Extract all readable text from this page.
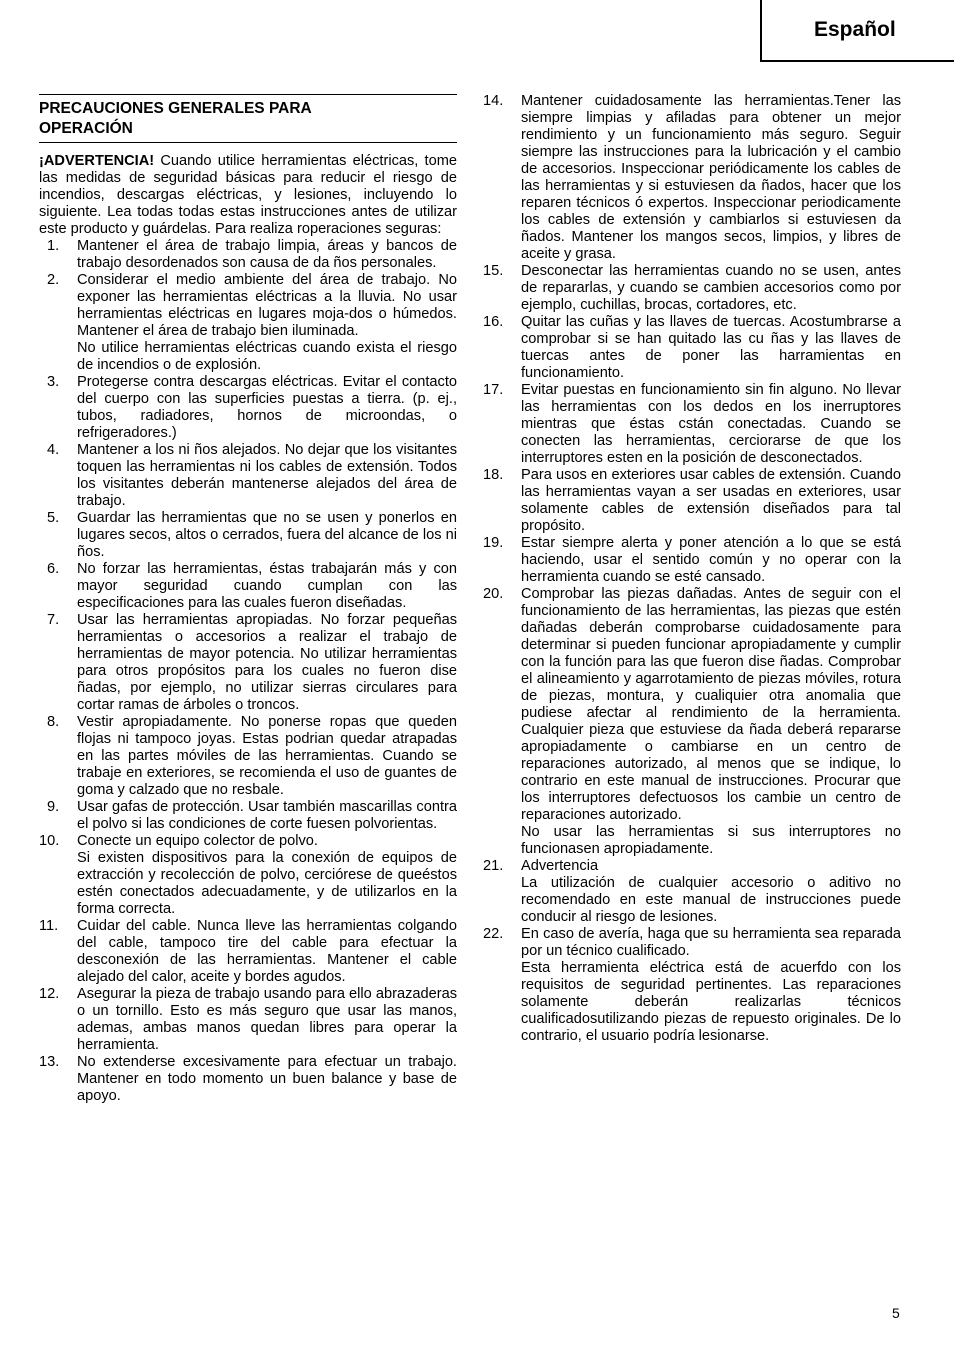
Español
PRECAUCIONES GENERALES PARA
OPERACIÓN

¡ADVERTENCIA! Cuando utilice herramientas eléctricas, tome las medidas de seguridad básicas para reducir el riesgo de incendios, descargas eléctricas, y lesiones, incluyendo lo siguiente. Lea todas todas estas instrucciones antes de utilizar este producto y guárdelas. Para realiza roperaciones seguras:

1.	Mantener el área de trabajo limpia, áreas y bancos de trabajo desordenados son causa de da ños personales.
2.	Considerar el medio ambiente del área de trabajo. No exponer las herramientas eléctricas a la lluvia. No usar herramientas eléctricas en lugares moja-dos o húmedos. Mantener el área de trabajo bien iluminada.
No utilice herramientas eléctricas cuando exista el riesgo de incendios o de explosión.
3.	Protegerse contra descargas eléctricas. Evitar el contacto del cuerpo con las superficies puestas a tierra. (p. ej., tubos, radiadores, hornos de microondas, o refrigeradores.)
4.	Mantener a los ni ños alejados. No dejar que los visitantes toquen las herramientas ni los cables de extensión. Todos los visitantes deberán mantenerse alejados del área de trabajo.
5.	Guardar las herramientas que no se usen y ponerlos en lugares secos, altos o cerrados, fuera del alcance de los ni ños.
6.	No forzar las herramientas, éstas trabajarán más y con mayor seguridad cuando cumplan con las especificaciones para las cuales fueron diseñadas.
7.	Usar las herramientas apropiadas. No forzar pequeñas herramientas o accesorios a realizar el trabajo de herramientas de mayor potencia. No utilizar herramientas para otros propósitos para los cuales no fueron dise ñadas, por ejemplo, no utilizar sierras circulares para cortar ramas de árboles o troncos.
8.	Vestir apropiadamente. No ponerse ropas que queden flojas ni tampoco joyas. Estas podrian quedar atrapadas en las partes móviles de las herramientas. Cuando se trabaje en exteriores, se recomienda el uso de guantes de goma y calzado que no resbale.
9.	Usar gafas de protección. Usar también mascarillas contra el polvo si las condiciones de corte fuesen polvorientas.
10. Conecte un equipo colector de polvo.
Si existen dispositivos para la conexión de equipos de extracción y recolección de polvo, cerciórese de queéstos estén conectados adecuadamente, y de utilizarlos en la forma correcta.
11. Cuidar del cable. Nunca lleve las herramientas colgando del cable, tampoco tire del cable para efectuar la desconexión de las herramientas. Mantener el cable alejado del calor, aceite y bordes agudos.
12. Asegurar la pieza de trabajo usando para ello abrazaderas o un tornillo. Esto es más seguro que usar las manos, ademas, ambas manos quedan libres para operar la herramienta.
13. No extenderse excesivamente para efectuar un trabajo. Mantener en todo momento un buen balance y base de apoyo.
14.	Mantener cuidadosamente las herramientas.Tener las siempre limpias y afiladas para obtener un mejor rendimiento y un funcionamiento más seguro. Seguir siempre las instrucciones para la lubricación y el cambio de accesorios. Inspeccionar periódicamente los cables de las herramientas y si estuviesen da ñados, hacer que los reparen técnicos ó expertos. Inspeccionar periodicamente los cables de extensión y cambiarlos si estuviesen da ñados. Mantener los mangos secos, limpios, y libres de aceite y grasa.
15.	Desconectar las herramientas cuando no se usen, antes de repararlas, y cuando se cambien accesorios como por ejemplo, cuchillas, brocas, cortadores, etc.
16.	Quitar las cuñas y las llaves de tuercas. Acostumbrarse a comprobar si se han quitado las cu ñas y las llaves de tuercas antes de poner las harramientas en funcionamiento.
17.	Evitar puestas en funcionamiento sin fin alguno. No llevar las herramientas con los dedos en los inerruptores mientras que éstas cstán conectadas. Cuando se conecten las herramientas, cerciorarse de que los interruptores esten en la posición de desconectados.
18.	Para usos en exteriores usar cables de extensión. Cuando las herramientas vayan a ser usadas en exteriores, usar solamente cables de extensión diseñados para tal propósito.
19.	Estar siempre alerta y poner atención a lo que se está haciendo, usar el sentido común y no operar con la herramienta cuando se esté cansado.
20.	Comprobar las piezas dañadas. Antes de seguir con el funcionamiento de las herramientas, las piezas que estén dañadas deberán comprobarse cuidadosamente para determinar si pueden funcionar apropiadamente y cumplir con la función para las que fueron dise ñadas. Comprobar el alineamiento y agarrotamiento de piezas móviles, rotura de piezas, montura, y cualiquier otra anomalia que pudiese afectar al rendimiento de la herramienta. Cualquier pieza que estuviese da ñada deberá repararse apropiadamente o cambiarse en un centro de reparaciones autorizado, al menos que se indique, lo contrario en este manual de instrucciones. Procurar que los interruptores defectuosos los cambie un centro de reparaciones autorizado.
No usar las herramientas si sus interruptores no funcionasen apropiadamente.
21.	Advertencia
La utilización de cualquier accesorio o aditivo no recomendado en este manual de instrucciones puede conducir al riesgo de lesiones.
22.	En caso de avería, haga que su herramienta sea reparada por un técnico cualificado.
Esta herramienta eléctrica está de acuerfdo con los requisitos de seguridad pertinentes. Las reparaciones solamente deberán realizarlas técnicos cualificadosutilizando piezas de repuesto originales. De lo contrario, el usuario podría lesionarse.
5
